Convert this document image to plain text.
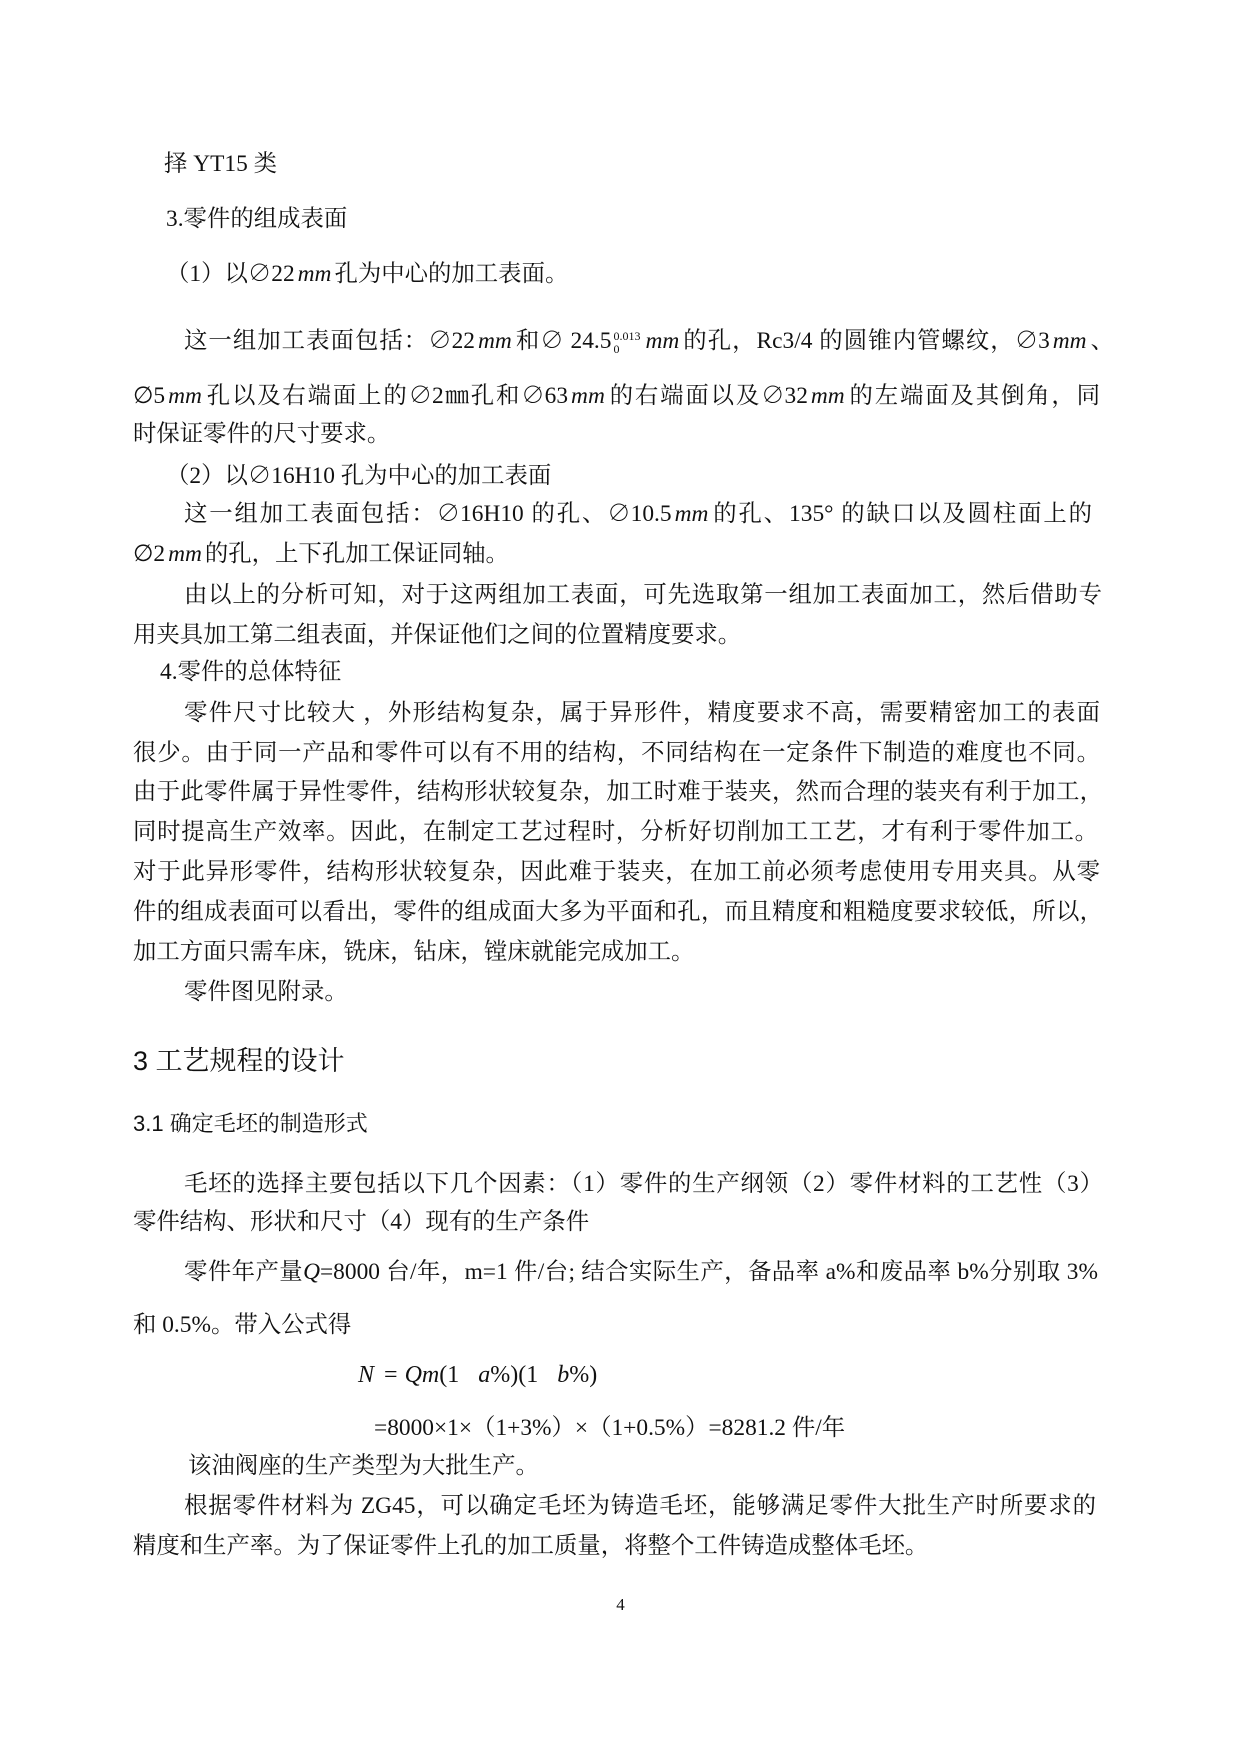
择 YT15 类
3.零件的组成表面
（1）以∅22 mm 孔为中心的加工表面。
这一组加工表面包括：∅22 mm 和∅ 24.5 0.013
0	mm 的孔，Rc3/4 的圆锥内管螺纹，∅3 mm 、
∅5 mm 孔以及右端面上的∅2㎜孔和∅63 mm 的右端面以及∅32 mm 的左端面及其倒角，同
时保证零件的尺寸要求。
（2）以∅16H10 孔为中心的加工表面
这一组加工表面包括：∅16H10 的孔、∅10.5 mm 的孔、135° 的缺口以及圆柱面上的
∅2 mm 的孔，上下孔加工保证同轴。
由以上的分析可知，对于这两组加工表面，可先选取第一组加工表面加工，然后借助专
用夹具加工第二组表面，并保证他们之间的位置精度要求。
4.零件的总体特征
零件尺寸比较大 ，外形结构复杂，属于异形件，精度要求不高，需要精密加工的表面
很少。由于同一产品和零件可以有不用的结构，不同结构在一定条件下制造的难度也不同。
由于此零件属于异性零件，结构形状较复杂，加工时难于装夹，然而合理的装夹有利于加工，
同时提高生产效率。因此，在制定工艺过程时，分析好切削加工工艺，才有利于零件加工。
对于此异形零件，结构形状较复杂，因此难于装夹，在加工前必须考虑使用专用夹具。从零
件的组成表面可以看出，零件的组成面大多为平面和孔，而且精度和粗糙度要求较低，所以，
加工方面只需车床，铣床，钻床，镗床就能完成加工。
零件图见附录。
3 工艺规程的设计
3.1 确定毛坯的制造形式
毛坯的选择主要包括以下几个因素：（1）零件的生产纲领（2）零件材料的工艺性（3）
零件结构、形状和尺寸（4）现有的生产条件
零件年产量Q=8000 台/年，m=1 件/台; 结合实际生产，备品率 a%和废品率 b%分别取 3%
和 0.5%。带入公式得
N = Qm(1 a%)(1 b%)
=8000×1×（1+3%）×（1+0.5%）=8281.2 件/年
该油阀座的生产类型为大批生产。
根据零件材料为 ZG45，可以确定毛坯为铸造毛坯，能够满足零件大批生产时所要求的
精度和生产率。为了保证零件上孔的加工质量，将整个工件铸造成整体毛坯。
4
